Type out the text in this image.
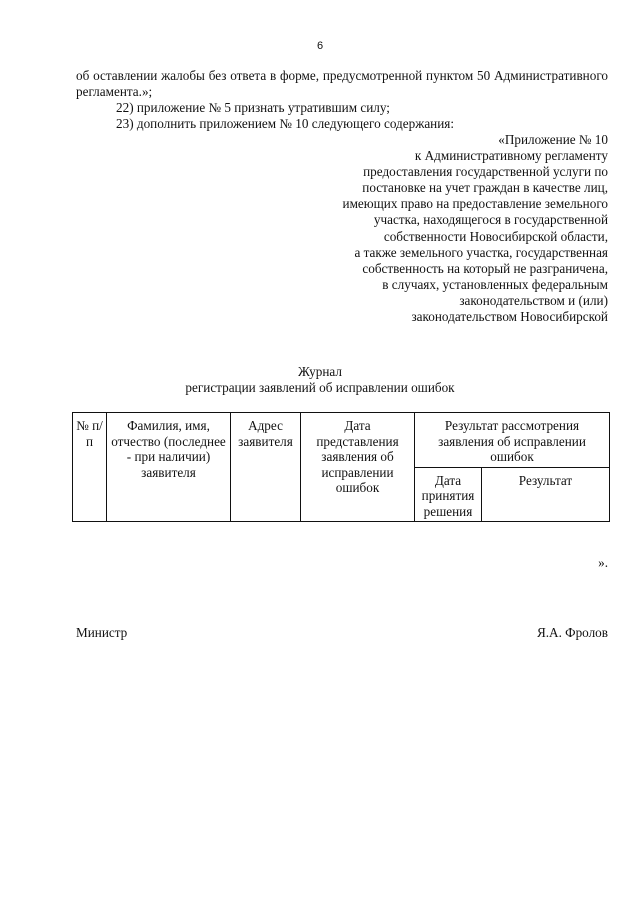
6
об оставлении жалобы без ответа в форме, предусмотренной пунктом 50 Административного регламента.»;
22) приложение № 5 признать утратившим силу;
23) дополнить приложением № 10 следующего содержания:
«Приложение № 10
к Административному регламенту
предоставления государственной услуги по
постановке на учет граждан в качестве лиц,
имеющих право на предоставление земельного
участка, находящегося в государственной
собственности Новосибирской области,
а также земельного участка, государственная
собственность на который не разграничена,
в случаях, установленных федеральным
законодательством и (или)
законодательством Новосибирской
Журнал
регистрации заявлений об исправлении ошибок
№ п/п	Фамилия, имя, отчество (последнее - при наличии) заявителя	Адрес заявителя	Дата представления заявления об исправлении ошибок	Результат рассмотрения заявления об исправлении ошибок	
				Дата принятия решения	Результат
».
Министр	Я.А. Фролов
